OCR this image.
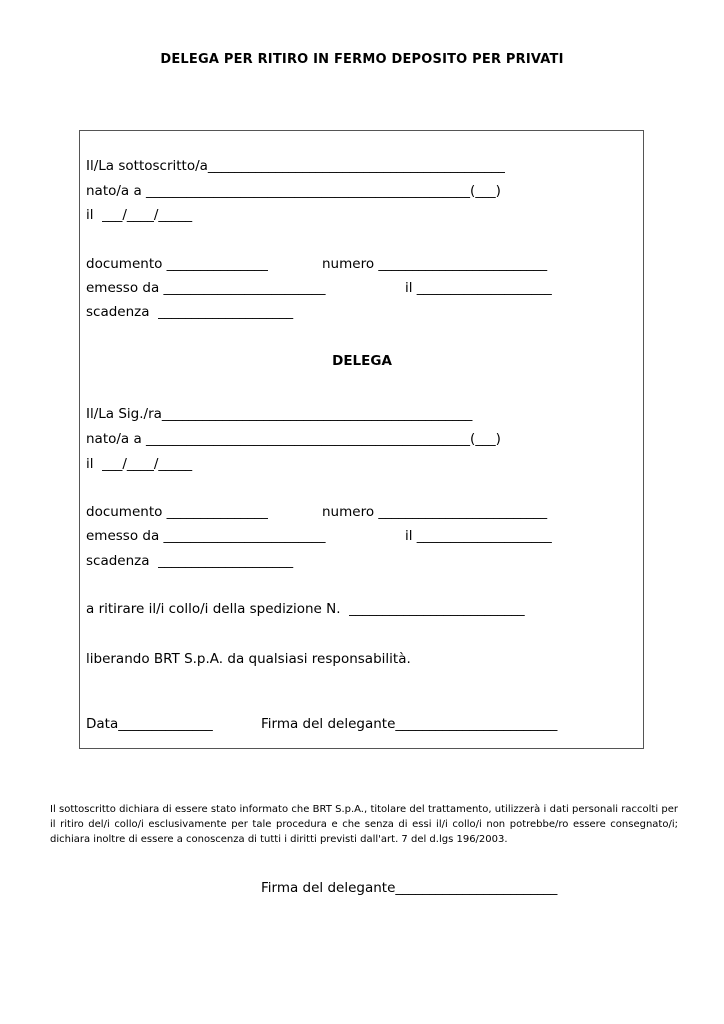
DELEGA PER RITIRO IN FERMO DEPOSITO PER PRIVATI
Il/La sottoscritto/a____________________________________________
nato/a a ________________________________________________(___)
il  ___/____/_____
documento _______________	numero _________________________
emesso da ________________________	il ____________________
scadenza  ____________________
DELEGA
Il/La Sig./ra______________________________________________
nato/a a ________________________________________________(___)
il  ___/____/_____
documento _______________	numero _________________________
emesso da ________________________	il ____________________
scadenza  ____________________
a ritirare il/i collo/i della spedizione N.  __________________________
liberando BRT S.p.A. da qualsiasi responsabilità.
Data______________	Firma del delegante________________________
Il sottoscritto dichiara di essere stato informato che BRT S.p.A., titolare del trattamento, utilizzerà i dati personali raccolti per il ritiro del/i collo/i esclusivamente per tale procedura e che senza di essi il/i collo/i non potrebbe/ro essere consegnato/i; dichiara inoltre di essere a conoscenza di tutti i diritti previsti dall'art. 7 del d.lgs 196/2003.
Firma del delegante________________________
